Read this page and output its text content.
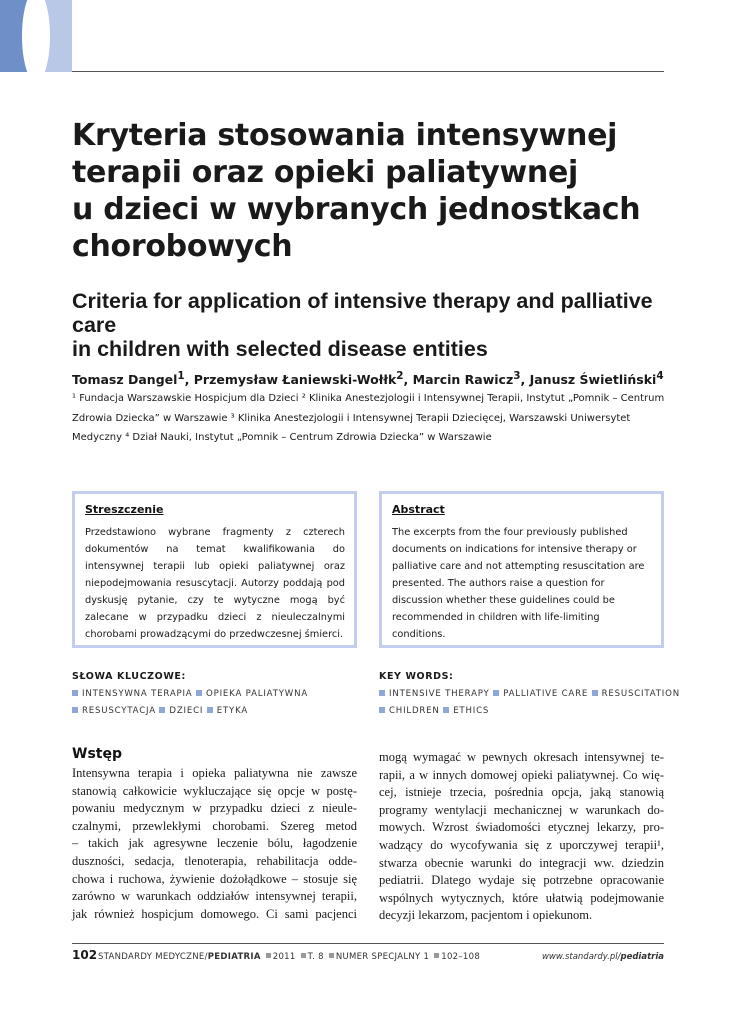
Kryteria stosowania intensywnej
terapii oraz opieki paliatywnej
u dzieci w wybranych jednostkach
chorobowych
Criteria for application of intensive therapy and palliative care
in children with selected disease entities
Tomasz Dangel$^1$, Przemysław Łaniewski-Wołłk$^2$, Marcin Rawicz$^3$, Janusz Świetliński$^4$
¹ Fundacja Warszawskie Hospicjum dla Dzieci ² Klinika Anestezjologii i Intensywnej Terapii, Instytut „Pomnik – Centrum
Zdrowia Dziecka” w Warszawie ³ Klinika Anestezjologii i Intensywnej Terapii Dziecięcej, Warszawski Uniwersytet
Medyczny ⁴ Dział Nauki, Instytut „Pomnik – Centrum Zdrowia Dziecka” w Warszawie
Streszczenie

Przedstawiono wybrane fragmenty z czterech dokumentów na temat kwalifikowania do intensywnej terapii lub opieki paliatywnej oraz niepodejmowania resuscytacji. Autorzy poddają pod dyskusję pytanie, czy te wytyczne mogą być zalecane w przypadku dzieci z nieuleczalnymi chorobami prowadzącymi do przedwczesnej śmierci.

Abstract

The excerpts from the four previously published documents on indications for intensive therapy or palliative care and not attempting resuscitation are presented. The authors raise a question for discussion whether these guidelines could be recommended in children with life-limiting conditions.

SŁOWA KLUCZOWE:
INTENSYWNA TERAPIA OPIEKA PALIATYWNA
RESUSCYTACJA DZIECI ETYKA
KEY WORDS:
INTENSIVE THERAPY PALLIATIVE CARE RESUSCITATION
CHILDREN ETHICS
Wstęp
Intensywna terapia i opieka paliatywna nie zawsze
stanowią całkowicie wykluczające się opcje w postę-
powaniu medycznym w przypadku dzieci z nieule-
czalnymi, przewlekłymi chorobami. Szereg metod
– takich jak agresywne leczenie bólu, łagodzenie
duszności, sedacja, tlenoterapia, rehabilitacja odde-
chowa i ruchowa, żywienie dożołądkowe – stosuje się
zarówno w warunkach oddziałów intensywnej terapii,
jak również hospicjum domowego. Ci sami pacjenci
mogą wymagać w pewnych okresach intensywnej te-
rapii, a w innych domowej opieki paliatywnej. Co wię-
cej, istnieje trzecia, pośrednia opcja, jaką stanowią
programy wentylacji mechanicznej w warunkach do-
mowych. Wzrost świadomości etycznej lekarzy, pro-
wadzący do wycofywania się z uporczywej terapii¹,
stwarza obecnie warunki do integracji ww. dziedzin
pediatrii. Dlatego wydaje się potrzebne opracowanie
wspólnych wytycznych, które ułatwią podejmowanie
decyzji lekarzom, pacjentom i opiekunom.
102 STANDARDY MEDYCZNE/PEDIATRIA 2011 T. 8 NUMER SPECJALNY 1 102–108	www.standardy.pl/pediatria
